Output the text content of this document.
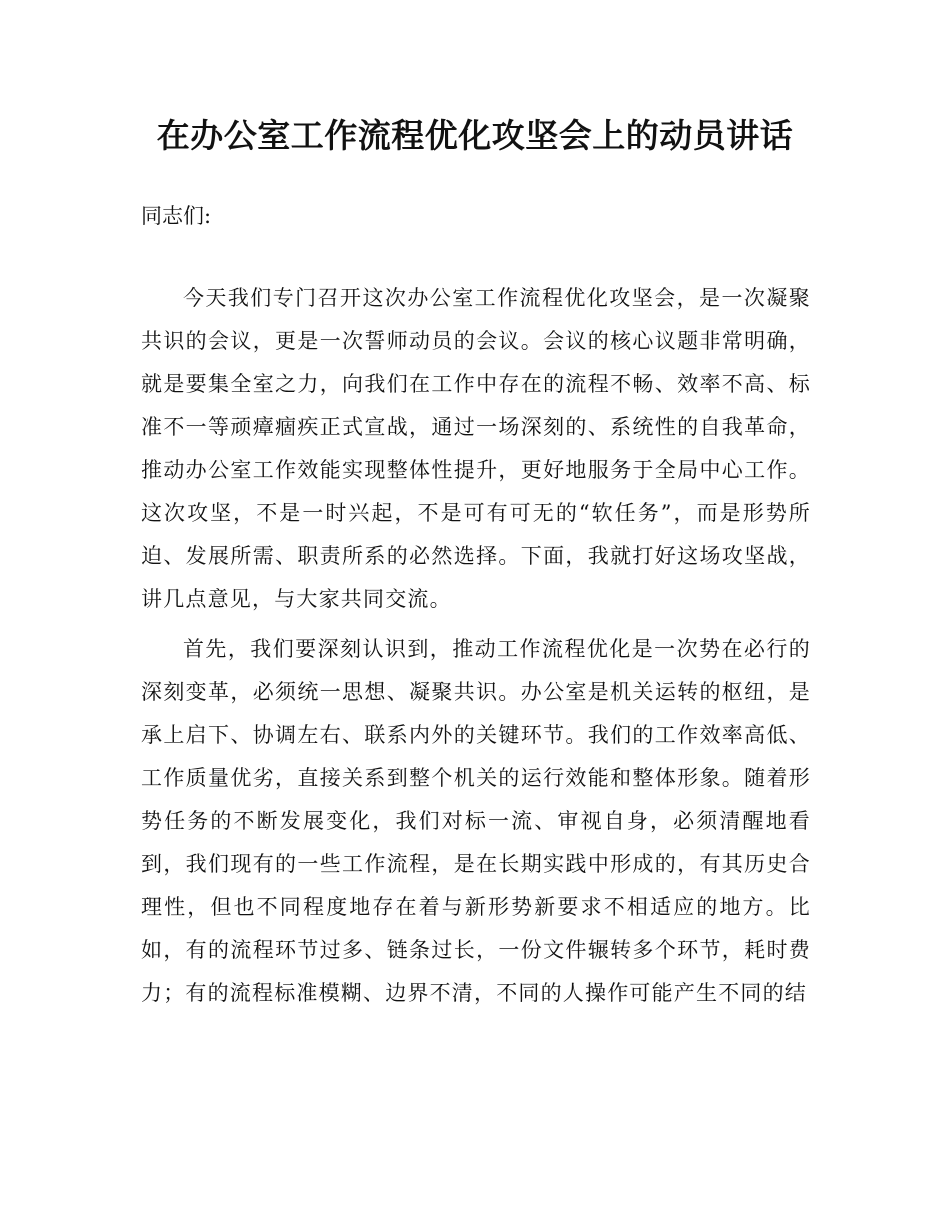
在办公室工作流程优化攻坚会上的动员讲话

同志们:

今天我们专门召开这次办公室工作流程优化攻坚会，是一次凝聚共识的会议，更是一次誓师动员的会议。会议的核心议题非常明确，就是要集全室之力，向我们在工作中存在的流程不畅、效率不高、标准不一等顽瘴痼疾正式宣战，通过一场深刻的、系统性的自我革命，推动办公室工作效能实现整体性提升，更好地服务于全局中心工作。这次攻坚，不是一时兴起，不是可有可无的“软任务”，而是形势所迫、发展所需、职责所系的必然选择。下面，我就打好这场攻坚战，讲几点意见，与大家共同交流。

首先，我们要深刻认识到，推动工作流程优化是一次势在必行的深刻变革，必须统一思想、凝聚共识。办公室是机关运转的枢纽，是承上启下、协调左右、联系内外的关键环节。我们的工作效率高低、工作质量优劣，直接关系到整个机关的运行效能和整体形象。随着形势任务的不断发展变化，我们对标一流、审视自身，必须清醒地看到，我们现有的一些工作流程，是在长期实践中形成的，有其历史合理性，但也不同程度地存在着与新形势新要求不相适应的地方。比如，有的流程环节过多、链条过长，一份文件辗转多个环节，耗时费力；有的流程标准模糊、边界不清，不同的人操作可能产生不同的结
